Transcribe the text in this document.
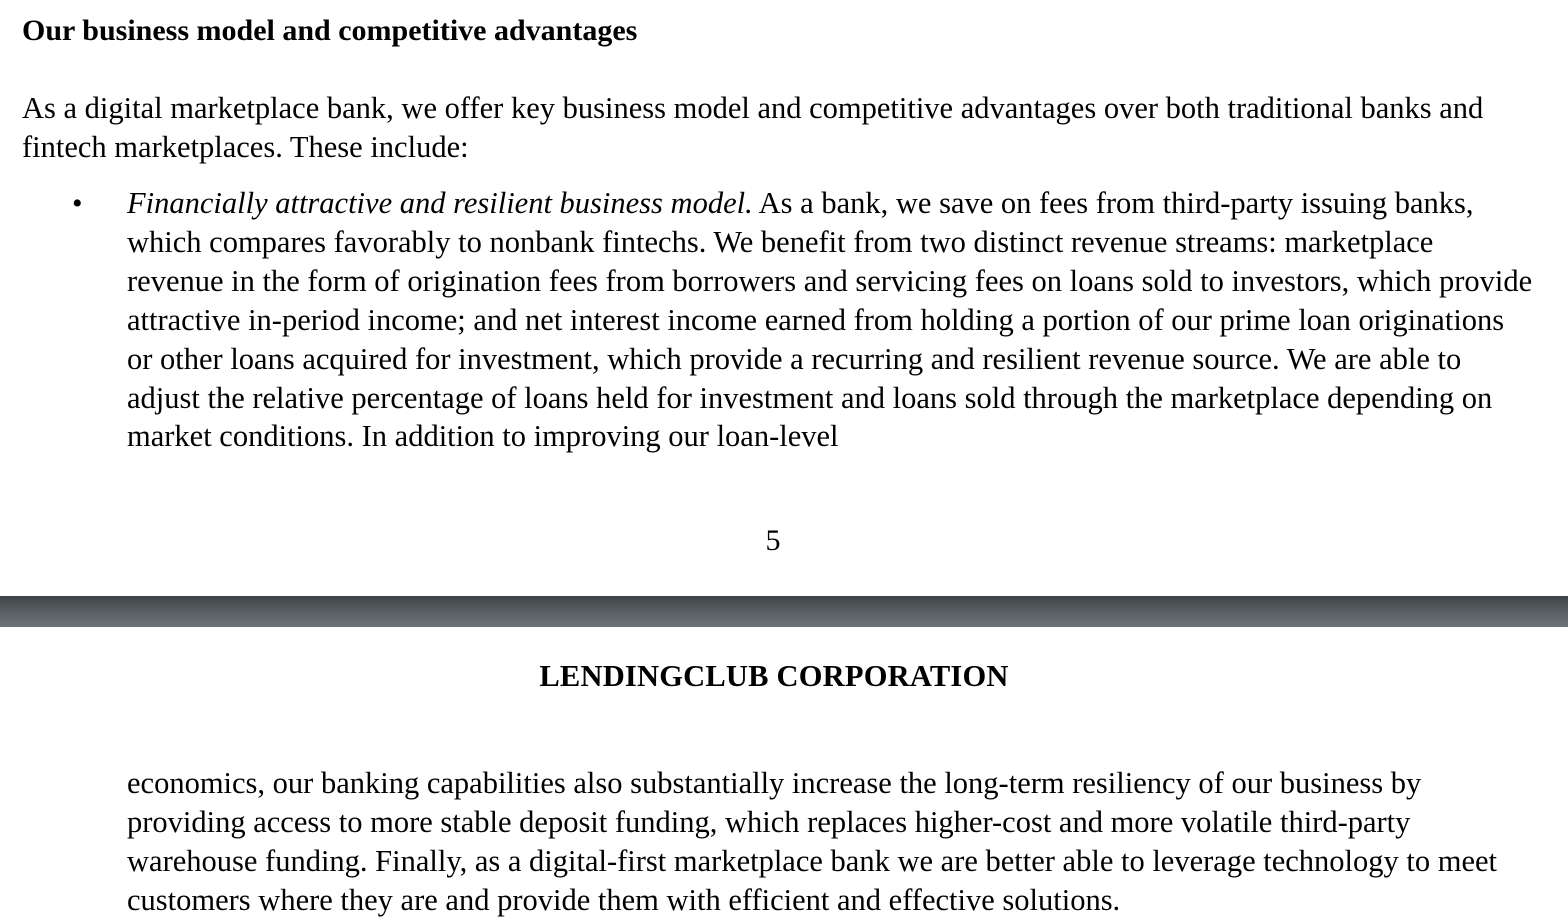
Our business model and competitive advantages

As a digital marketplace bank, we offer key business model and competitive advantages over both traditional banks and fintech marketplaces. These include:

• Financially attractive and resilient business model. As a bank, we save on fees from third-party issuing banks, which compares favorably to nonbank fintechs. We benefit from two distinct revenue streams: marketplace revenue in the form of origination fees from borrowers and servicing fees on loans sold to investors, which provide attractive in-period income; and net interest income earned from holding a portion of our prime loan originations or other loans acquired for investment, which provide a recurring and resilient revenue source. We are able to adjust the relative percentage of loans held for investment and loans sold through the marketplace depending on market conditions. In addition to improving our loan-level

5
LENDINGCLUB CORPORATION

economics, our banking capabilities also substantially increase the long-term resiliency of our business by providing access to more stable deposit funding, which replaces higher-cost and more volatile third-party warehouse funding. Finally, as a digital-first marketplace bank we are better able to leverage technology to meet customers where they are and provide them with efficient and effective solutions.
